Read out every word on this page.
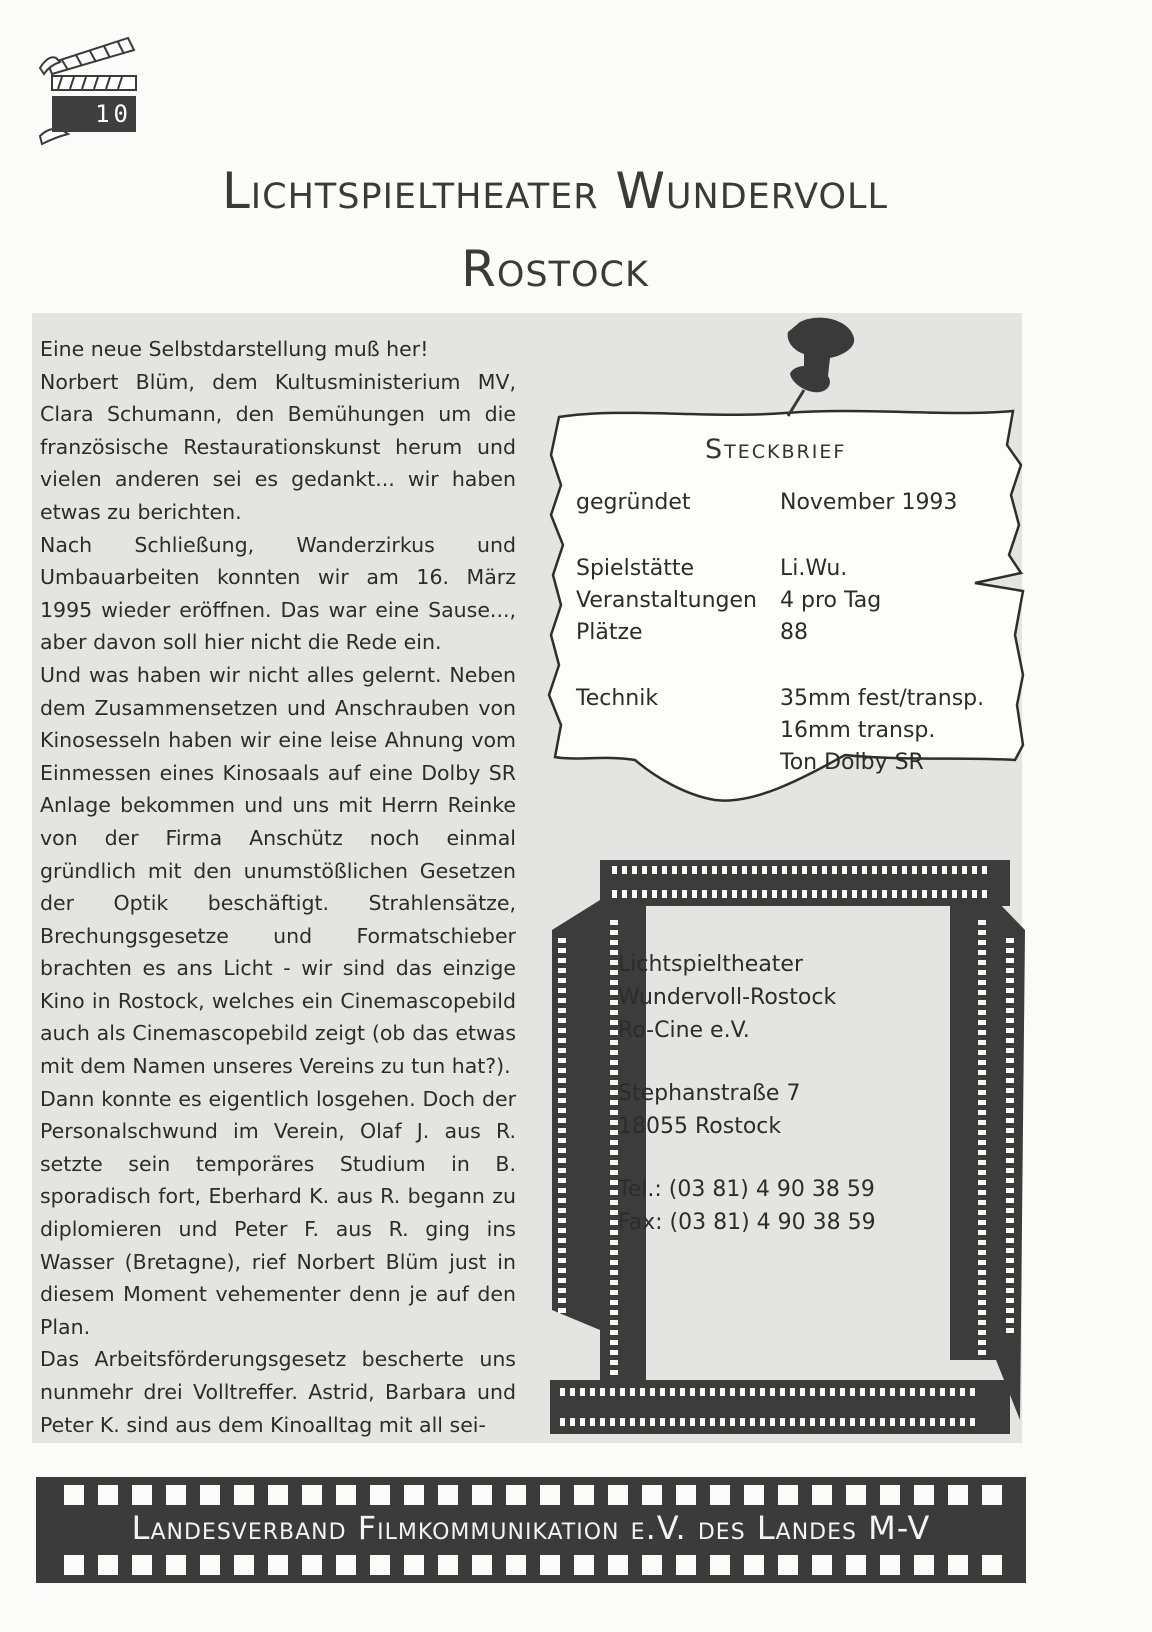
10
Lichtspieltheater Wundervoll
Rostock

Eine neue Selbstdarstellung muß her!

Norbert Blüm, dem Kultusministerium MV, Clara Schumann, den Bemühungen um die französische Restaurationskunst herum und vielen anderen sei es gedankt... wir haben etwas zu berichten.

Nach Schließung, Wanderzirkus und Umbauarbeiten konnten wir am 16. März 1995 wieder eröffnen. Das war eine Sause..., aber davon soll hier nicht die Rede ein.

Und was haben wir nicht alles gelernt. Neben dem Zusammensetzen und Anschrauben von Kinosesseln haben wir eine leise Ahnung vom Einmessen eines Kinosaals auf eine Dolby SR Anlage bekommen und uns mit Herrn Reinke von der Firma Anschütz noch einmal gründlich mit den unumstößlichen Gesetzen der Optik beschäftigt. Strahlensätze, Brechungsgesetze und Formatschieber brachten es ans Licht - wir sind das einzige Kino in Rostock, welches ein Cinemascopebild auch als Cinemascopebild zeigt (ob das etwas mit dem Namen unseres Vereins zu tun hat?).

Dann konnte es eigentlich losgehen. Doch der Personalschwund im Verein, Olaf J. aus R. setzte sein temporäres Studium in B. sporadisch fort, Eberhard K. aus R. begann zu diplomieren und Peter F. aus R. ging ins Wasser (Bretagne), rief Norbert Blüm just in diesem Moment vehementer denn je auf den Plan.

Das Arbeitsförderungsgesetz bescherte uns nunmehr drei Volltreffer. Astrid, Barbara und Peter K. sind aus dem Kinoalltag mit all sei-

Steckbrief
gegründet	November 1993
Spielstätte	Li.Wu.
Veranstaltungen 4 pro Tag
Plätze	88
Technik	35mm fest/transp.
16mm transp.
Ton Dolby SR

Lichtspieltheater

Wundervoll-Rostock

Ro-Cine e.V.

Stephanstraße 7

18055 Rostock

Tel.: (03 81) 4 90 38 59

Fax: (03 81) 4 90 38 59

Landesverband Filmkommunikation e.V. des Landes M-V
